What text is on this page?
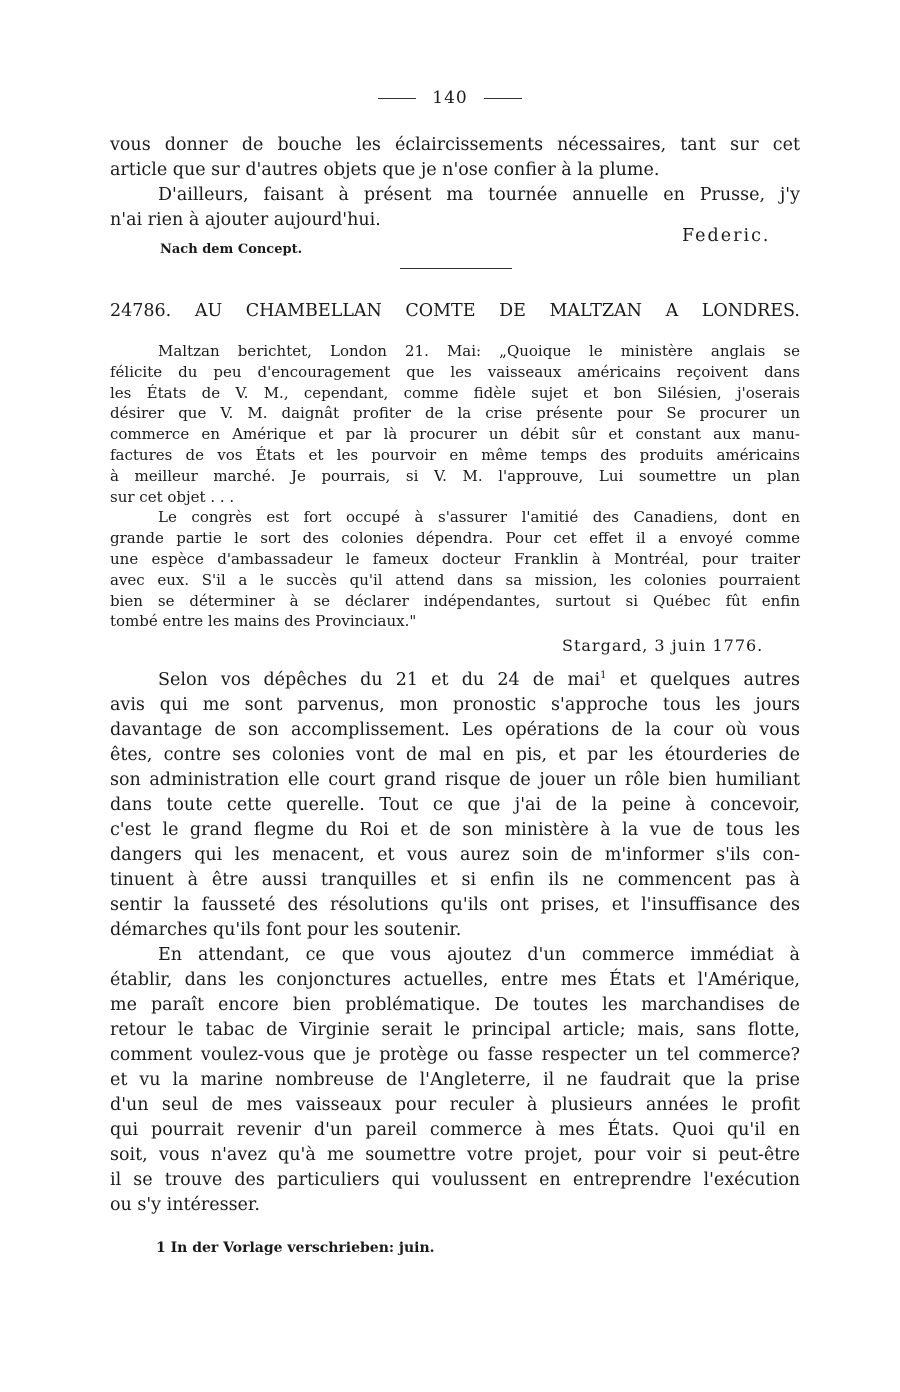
140
vous donner de bouche les éclaircissements nécessaires, tant sur cet
article que sur d'autres objets que je n'ose confier à la plume.
D'ailleurs, faisant à présent ma tournée annuelle en Prusse, j'y
n'ai rien à ajouter aujourd'hui.
Nach dem Concept.
Federic.
24786. AU CHAMBELLAN COMTE DE MALTZAN A LONDRES.
Maltzan berichtet, London 21. Mai: „Quoique le ministère anglais se
félicite du peu d'encouragement que les vaisseaux américains reçoivent dans
les États de V. M., cependant, comme fidèle sujet et bon Silésien, j'oserais
désirer que V. M. daignât profiter de la crise présente pour Se procurer un
commerce en Amérique et par là procurer un débit sûr et constant aux manu-
factures de vos États et les pourvoir en même temps des produits américains
à meilleur marché. Je pourrais, si V. M. l'approuve, Lui soumettre un plan
sur cet objet . . .
Le congrès est fort occupé à s'assurer l'amitié des Canadiens, dont en
grande partie le sort des colonies dépendra. Pour cet effet il a envoyé comme
une espèce d'ambassadeur le fameux docteur Franklin à Montréal, pour traiter
avec eux. S'il a le succès qu'il attend dans sa mission, les colonies pourraient
bien se déterminer à se déclarer indépendantes, surtout si Québec fût enfin
tombé entre les mains des Provinciaux."
Stargard, 3 juin 1776.
Selon vos dépêches du 21 et du 24 de mai$^1$ et quelques autres
avis qui me sont parvenus, mon pronostic s'approche tous les jours
davantage de son accomplissement. Les opérations de la cour où vous
êtes, contre ses colonies vont de mal en pis, et par les étourderies de
son administration elle court grand risque de jouer un rôle bien humiliant
dans toute cette querelle. Tout ce que j'ai de la peine à concevoir,
c'est le grand flegme du Roi et de son ministère à la vue de tous les
dangers qui les menacent, et vous aurez soin de m'informer s'ils con-
tinuent à être aussi tranquilles et si enfin ils ne commencent pas à
sentir la fausseté des résolutions qu'ils ont prises, et l'insuffisance des
démarches qu'ils font pour les soutenir.
En attendant, ce que vous ajoutez d'un commerce immédiat à
établir, dans les conjonctures actuelles, entre mes États et l'Amérique,
me paraît encore bien problématique. De toutes les marchandises de
retour le tabac de Virginie serait le principal article; mais, sans flotte,
comment voulez-vous que je protège ou fasse respecter un tel commerce?
et vu la marine nombreuse de l'Angleterre, il ne faudrait que la prise
d'un seul de mes vaisseaux pour reculer à plusieurs années le profit
qui pourrait revenir d'un pareil commerce à mes États. Quoi qu'il en
soit, vous n'avez qu'à me soumettre votre projet, pour voir si peut-être
il se trouve des particuliers qui voulussent en entreprendre l'exécution
ou s'y intéresser.
1 In der Vorlage verschrieben: juin.
